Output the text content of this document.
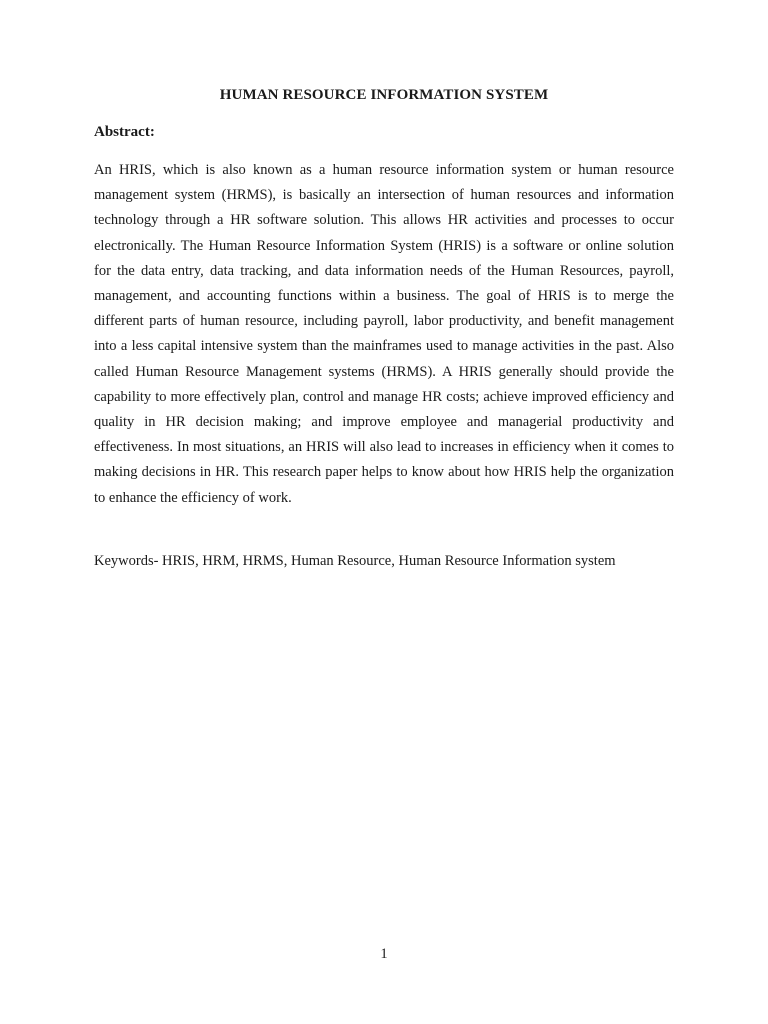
HUMAN RESOURCE INFORMATION SYSTEM
Abstract:

An HRIS, which is also known as a human resource information system or human resource management system (HRMS), is basically an intersection of human resources and information technology through a HR software solution. This allows HR activities and processes to occur electronically. The Human Resource Information System (HRIS) is a software or online solution for the data entry, data tracking, and data information needs of the Human Resources, payroll, management, and accounting functions within a business. The goal of HRIS is to merge the different parts of human resource, including payroll, labor productivity, and benefit management into a less capital intensive system than the mainframes used to manage activities in the past. Also called Human Resource Management systems (HRMS). A HRIS generally should provide the capability to more effectively plan, control and manage HR costs; achieve improved efficiency and quality in HR decision making; and improve employee and managerial productivity and effectiveness. In most situations, an HRIS will also lead to increases in efficiency when it comes to making decisions in HR. This research paper helps to know about how HRIS help the organization to enhance the efficiency of work.

Keywords- HRIS, HRM, HRMS, Human Resource, Human Resource Information system

1
